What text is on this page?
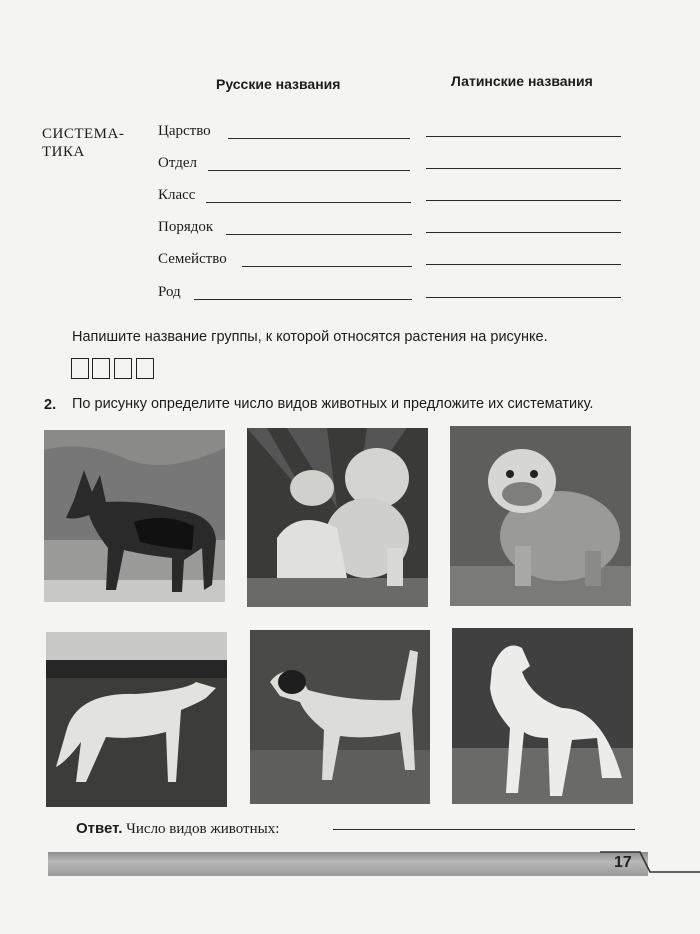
Русские названия	Латинские названия
СИСТЕМА-
ТИКА
Царство
Отдел
Класс
Порядок
Семейство
Род
Напишите название группы, к которой относятся растения на рисунке.
2. По рисунку определите число видов животных и предложите их систематику.
Ответ. Число видов животных:
17
